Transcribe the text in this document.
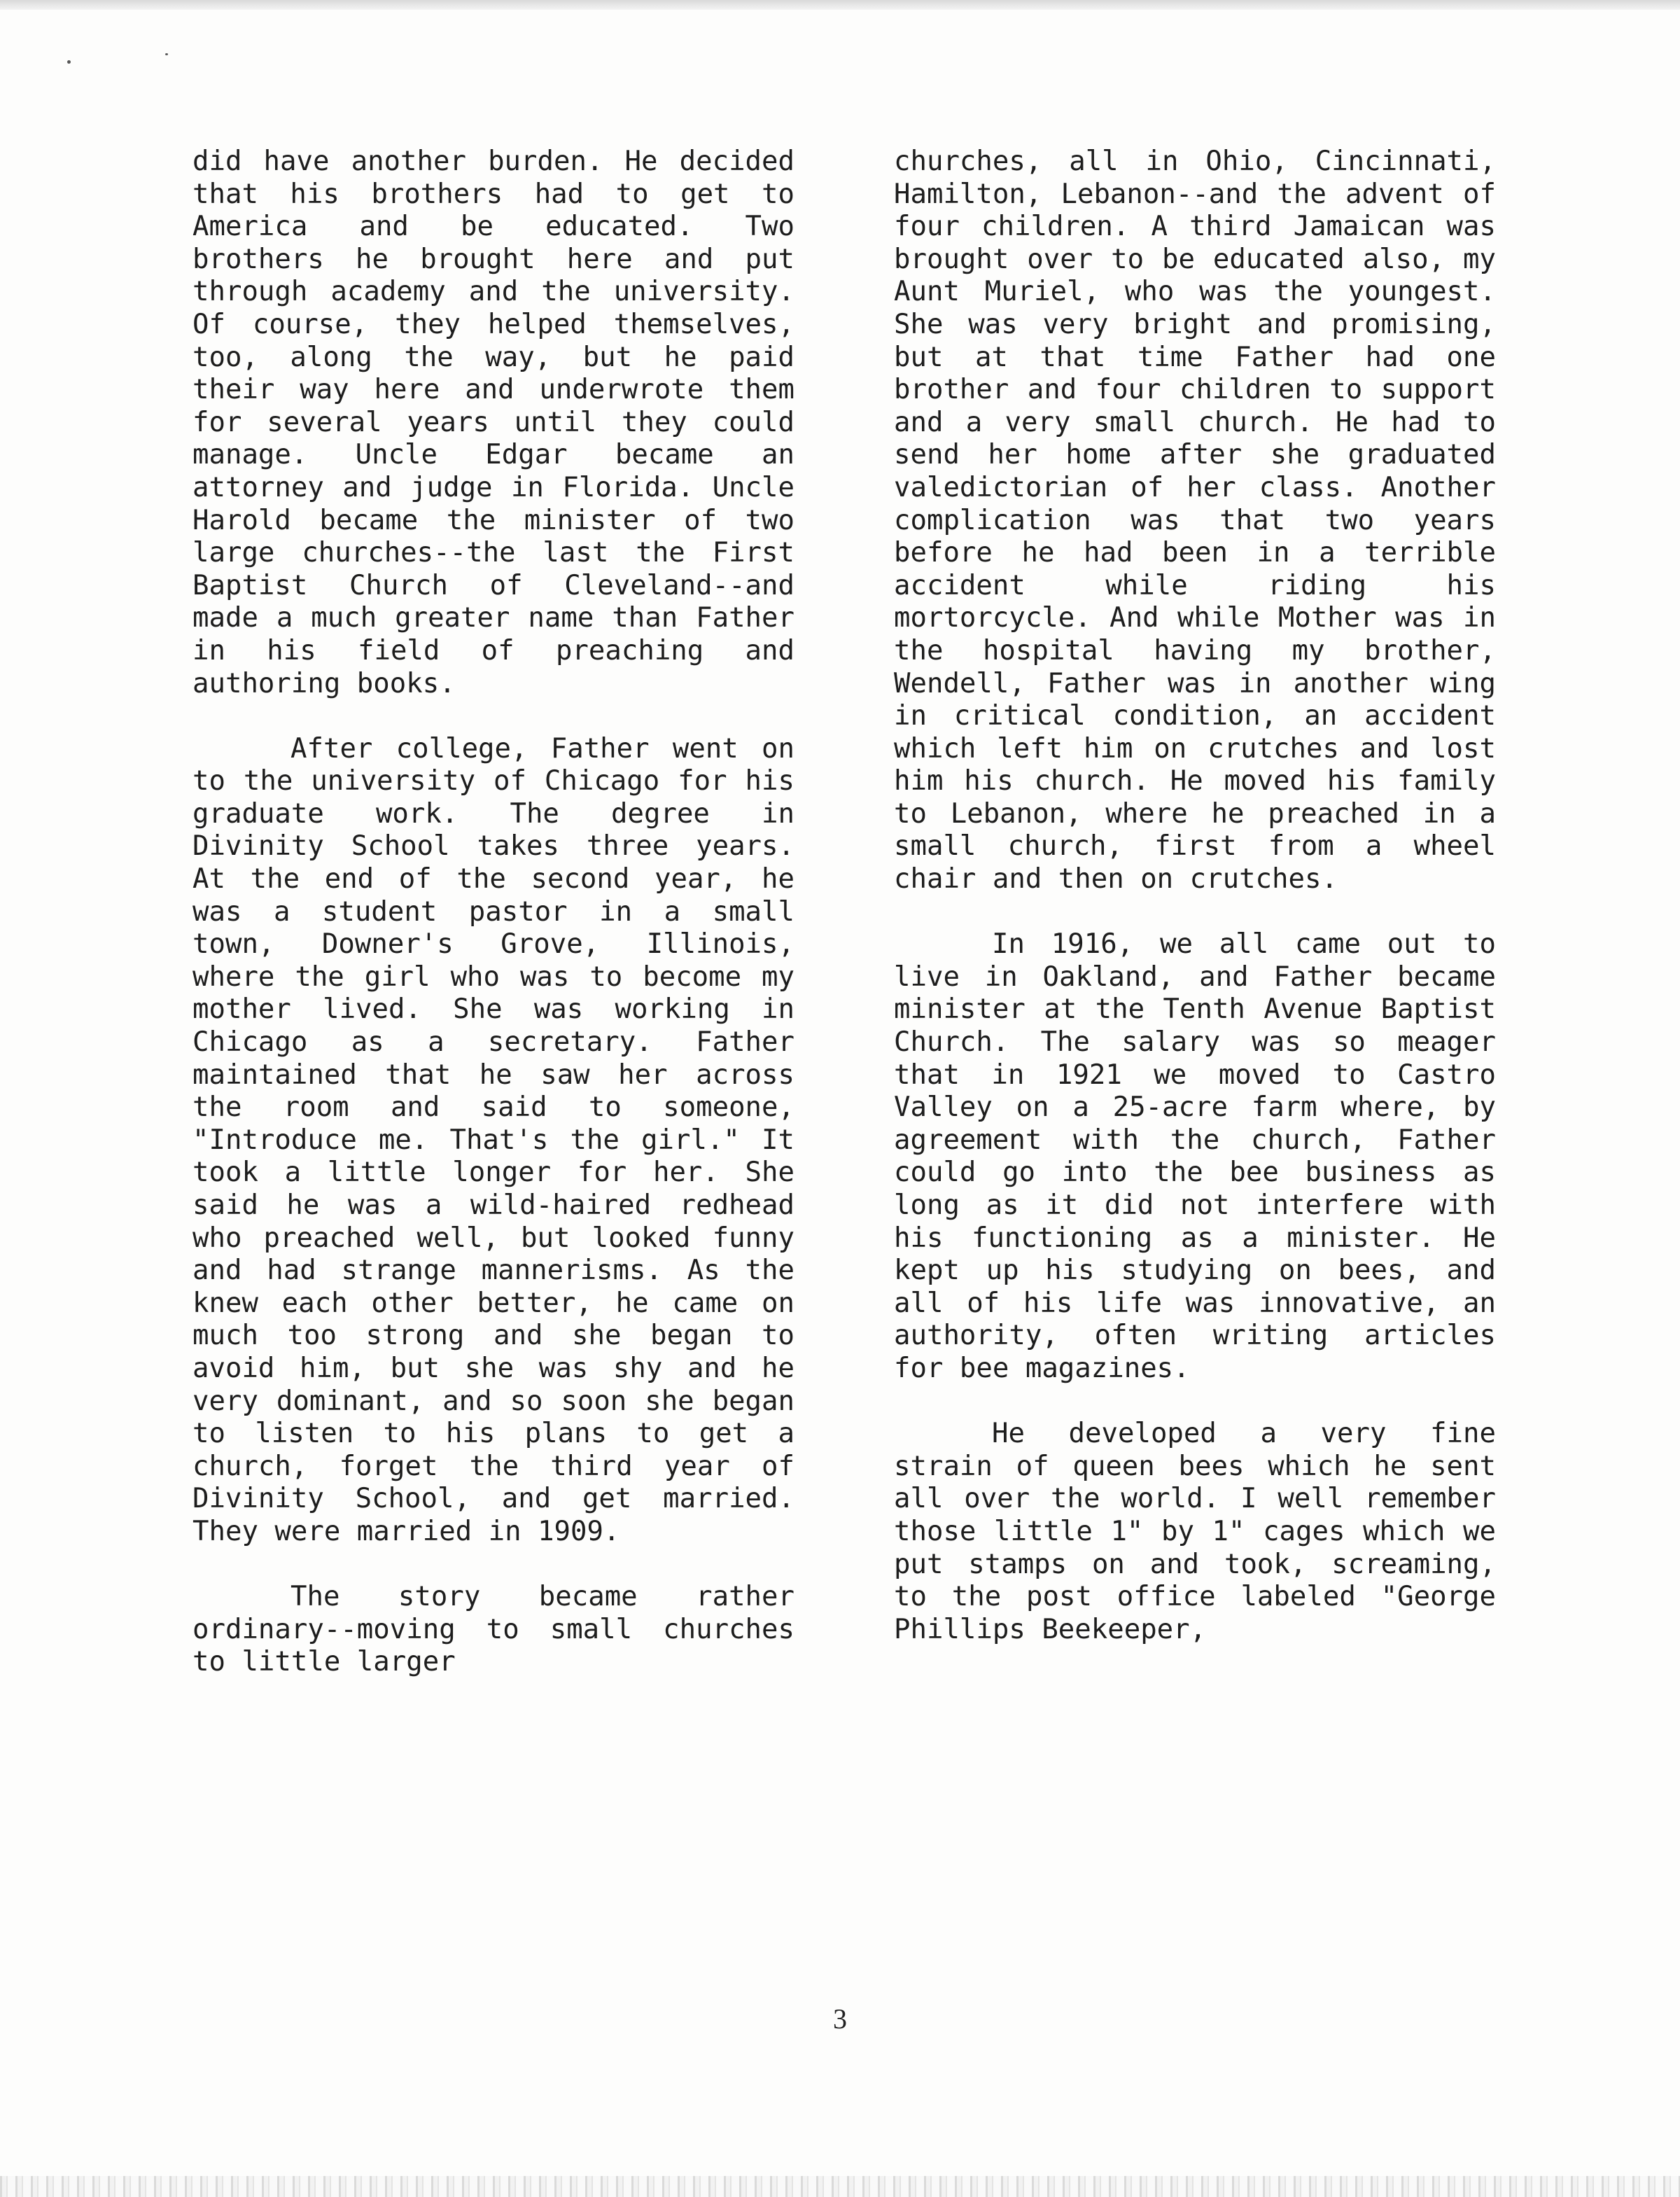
did have another burden. He decided that his brothers had to get to America and be educated. Two brothers he brought here and put through academy and the university. Of course, they helped themselves, too, along the way, but he paid their way here and underwrote them for several years until they could manage. Uncle Edgar became an attorney and judge in Florida. Uncle Harold became the minister of two large churches--the last the First Baptist Church of Cleveland--and made a much greater name than Father in his field of preaching and authoring books.

After college, Father went on to the university of Chicago for his graduate work. The degree in Divinity School takes three years. At the end of the second year, he was a student pastor in a small town, Downer's Grove, Illinois, where the girl who was to become my mother lived. She was working in Chicago as a secretary. Father maintained that he saw her across the room and said to someone, "Introduce me. That's the girl." It took a little longer for her. She said he was a wild-haired redhead who preached well, but looked funny and had strange mannerisms. As the knew each other better, he came on much too strong and she began to avoid him, but she was shy and he very dominant, and so soon she began to listen to his plans to get a church, forget the third year of Divinity School, and get married. They were married in 1909.

The story became rather ordinary--moving to small churches to little larger

churches, all in Ohio, Cincinnati, Hamilton, Lebanon--and the advent of four children. A third Jamaican was brought over to be educated also, my Aunt Muriel, who was the youngest. She was very bright and promising, but at that time Father had one brother and four children to support and a very small church. He had to send her home after she graduated valedictorian of her class. Another complication was that two years before he had been in a terrible accident while riding his mortorcycle. And while Mother was in the hospital having my brother, Wendell, Father was in another wing in critical condition, an accident which left him on crutches and lost him his church. He moved his family to Lebanon, where he preached in a small church, first from a wheel chair and then on crutches.

In 1916, we all came out to live in Oakland, and Father became minister at the Tenth Avenue Baptist Church. The salary was so meager that in 1921 we moved to Castro Valley on a 25-acre farm where, by agreement with the church, Father could go into the bee business as long as it did not interfere with his functioning as a minister. He kept up his studying on bees, and all of his life was innovative, an authority, often writing articles for bee magazines.

He developed a very fine strain of queen bees which he sent all over the world. I well remember those little 1" by 1" cages which we put stamps on and took, screaming, to the post office labeled "George Phillips Beekeeper,

3
